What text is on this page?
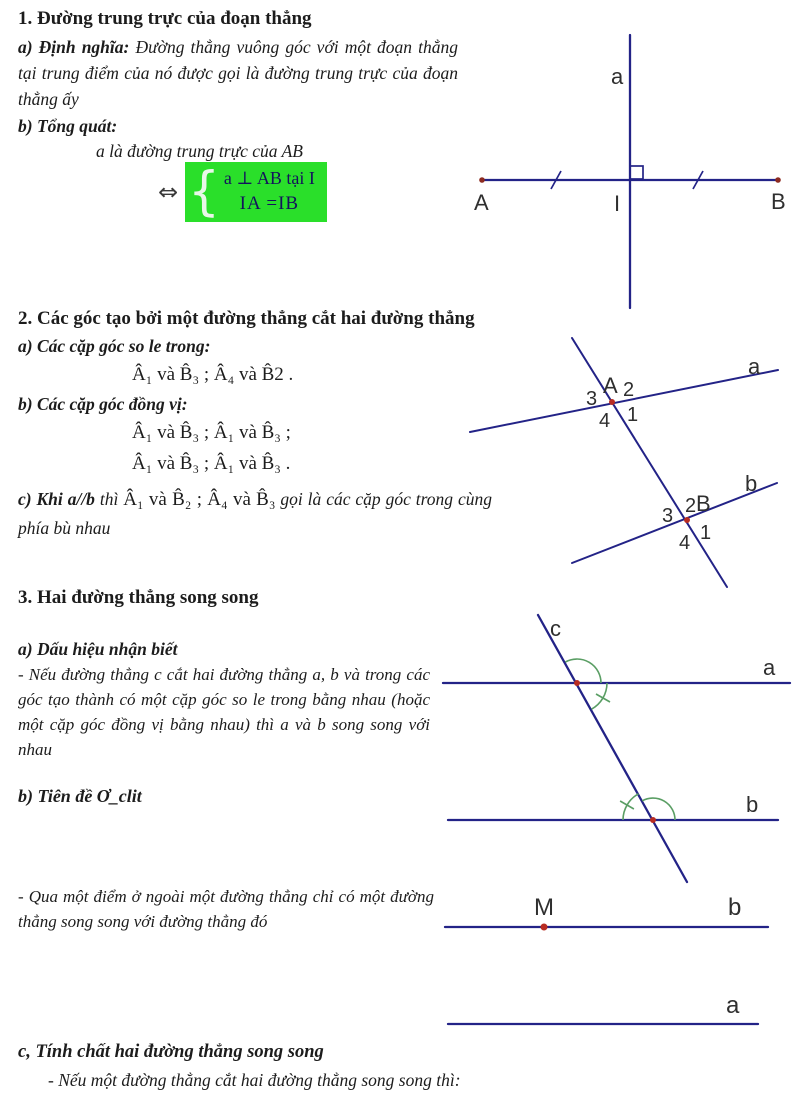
1. Đường trung trực của đoạn thẳng

a) Định nghĩa: Đường thẳng vuông góc với một đoạn thẳng tại trung điểm của nó được gọi là đường trung trực của đoạn thẳng ấy

b) Tổng quát:

a là đường trung trực của AB

⇔ { a ⊥ AB tại I
IA =IB
a
A	I	B

2. Các góc tạo bởi một đường thẳng cắt hai đường thẳng

a) Các cặp góc so le trong:

Â₁ và B̂₃ ; Â₄ và B̂2 .

b) Các cặp góc đồng vị:

Â₁ và B̂₃ ; Â₁ và B̂₃ ;

Â₁ và B̂₃ ; Â₁ và B̂₃ .

c) Khi a//b thì Â₁ và B̂₂ ; Â₄ và B̂₃ gọi là các cặp góc trong cùng phía bù nhau

a
b
A 2
3
4 1
2 B
3
4 1

3. Hai đường thẳng song song

a) Dấu hiệu nhận biết

- Nếu đường thẳng c cắt hai đường thẳng a, b và trong các góc tạo thành có một cặp góc so le trong bằng nhau (hoặc một cặp góc đồng vị bằng nhau) thì a và b song song với nhau

b) Tiên đề Ơ_clit

- Qua một điểm ở ngoài một đường thẳng chỉ có một đường thẳng song song với đường thẳng đó

c, Tính chất hai đường thẳng song song

- Nếu một đường thẳng cắt hai đường thẳng song song thì:

c
a
b
M	b
a
